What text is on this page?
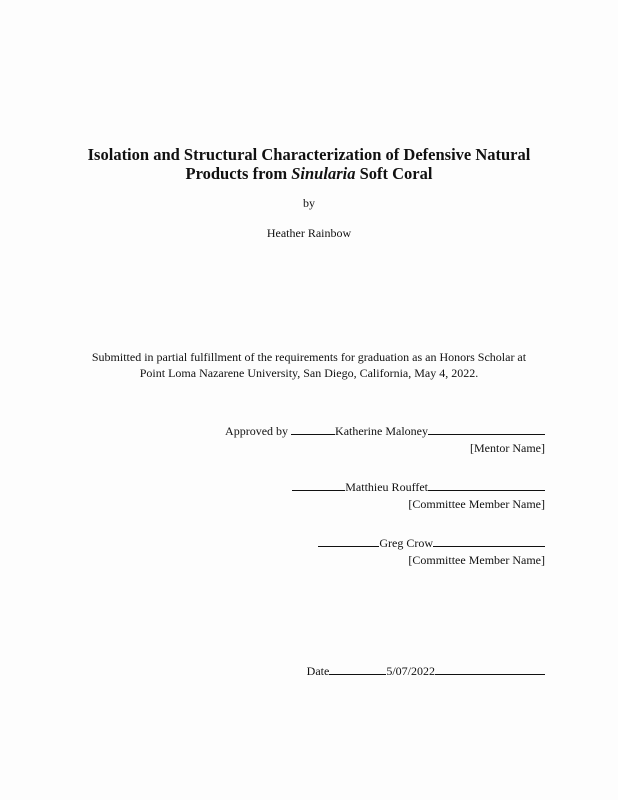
Isolation and Structural Characterization of Defensive Natural
Products from Sinularia Soft Coral
by
Heather Rainbow
Submitted in partial fulfillment of the requirements for graduation as an Honors Scholar at
Point Loma Nazarene University, San Diego, California, May 4, 2022.
Approved by	Katherine Maloney
[Mentor Name]
Matthieu Rouffet
[Committee Member Name]
Greg Crow
[Committee Member Name]
Date	5/07/2022
